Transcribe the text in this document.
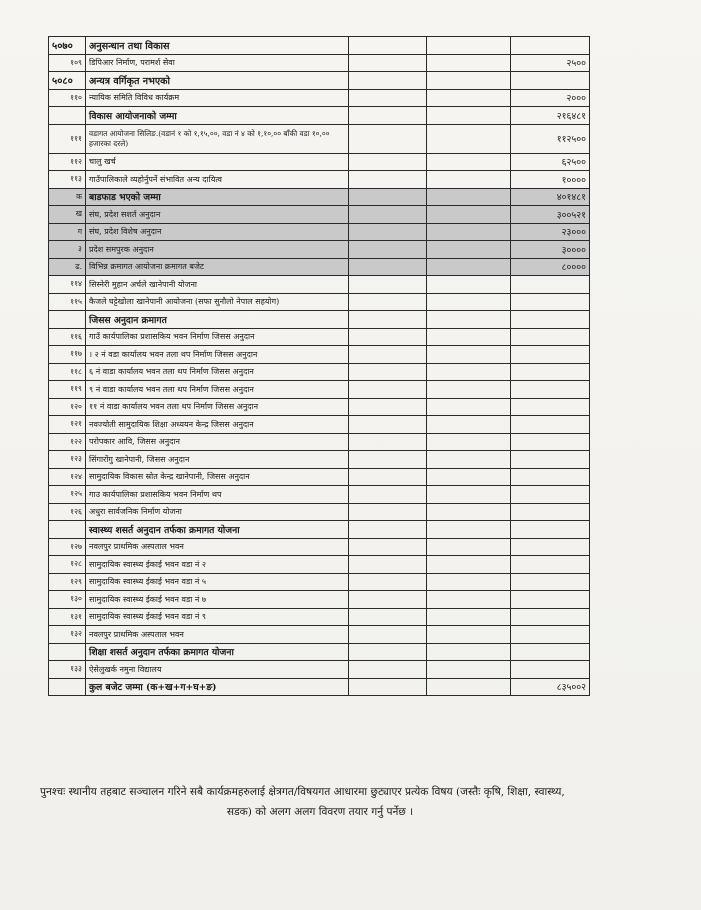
५०७०	अनुसन्धान तथा विकास			
१०९	डिपिआर निर्माण, परामर्श सेवा			२५००
५०८०	अन्यत्र वर्गिकृत नभएको			
११०	न्यायिक समिति विविध कार्यक्रम			२०००
	विकास आयोजनाको जम्मा			२१६४८१
१११	वडागत आयोजना सिलिङ.(वडानं १ को १,१५,००, वडा नं ४ को १,१०,०० बाँकी वडा १०,०० हजारका दरले)			११२५००
११२	चालु खर्च			६२५००
११३	गाउँपालिकाले व्यहोर्नुपर्ने संभावित अन्य दायित्व			१००००
क	बाडफाड भएको जम्मा			४०१४८१
ख	संघ, प्रदेश सशर्त अनुदान			३००५२१
ग	संघ, प्रदेश विशेष अनुदान			२३०००
३	प्रदेश समपुरक अनुदान			३००००
ढ.	विभिन्न क्रमागत आयोजना क्रमागत बजेट			८००००
११४	सिस्नेरी मुहान अर्चले खानेपानी योजना			
११५	कैजले घट्टेखोला खानेपानी आयोजना (सफा सुनौलो नेपाल सहयोग)			
	जिसस अनुदान क्रमागत			
११६	गाउँ कार्यपालिका प्रशासकिय भवन निर्माण जिसस अनुदान			
११७	। २ नं वडा कार्यालय भवन तला थप निर्माण जिसस अनुदान			
११८	६ नं वाडा कार्यालय भवन तला थप निर्माण जिसस अनुदान			
११९	९ नं वाडा कार्यालय भवन तला थप निर्माण जिसस अनुदान			
१२०	११ नं वाडा कार्यालय भवन तला थप निर्माण जिसस अनुदान			
१२१	नवज्योती सामुदायिक शिक्षा अध्ययन केन्द्र जिसस अनुदान			
१२२	परोपकार आवि, जिसस अनुदान			
१२३	सिंगारोंगु खानेपानी, जिसस अनुदान			
१२४	सामुदायिक विकास स्रोत केन्द्र खानेपानी, जिसस अनुदान			
१२५	गाउ कार्यपालिका प्रशासकिय भवन निर्माण थप			
१२६	अधुरा सार्वजनिक निर्माण योजना			
	स्वास्थ्य शसर्त अनुदान तर्फका क्रमागत योजना			
१२७	नवलपुर प्राथमिक अस्पताल भवन			
१२८	सामुदायिक स्वास्थ्य ईकाई भवन वडा नं २			
१२९	सामुदायिक स्वास्थ्य ईकाई भवन वडा नं ५			
१३०	सामुदायिक स्वास्थ्य ईकाई भवन वडा नं ७			
१३१	सामुदायिक स्वास्थ्य ईकाई भवन वडा नं ९			
१३२	नवलपुर प्राथमिक अस्पताल भवन			
	शिक्षा शसर्त अनुदान तर्फका क्रमागत योजना			
१३३	ऐसेलुखर्क नमुना विद्यालय			
	कुल बजेट जम्मा (क+ख+ग+घ+ङ)			८३५००२
पुनश्चः स्थानीय तहबाट सञ्चालन गरिने सबै कार्यक्रमहरुलाई क्षेत्रगत/विषयगत आधारमा छुट्याएर प्रत्येक विषय (जस्तैः कृषि, शिक्षा, स्वास्थ्य,
सडक) को अलग अलग विवरण तयार गर्नु पर्नेछ ।
